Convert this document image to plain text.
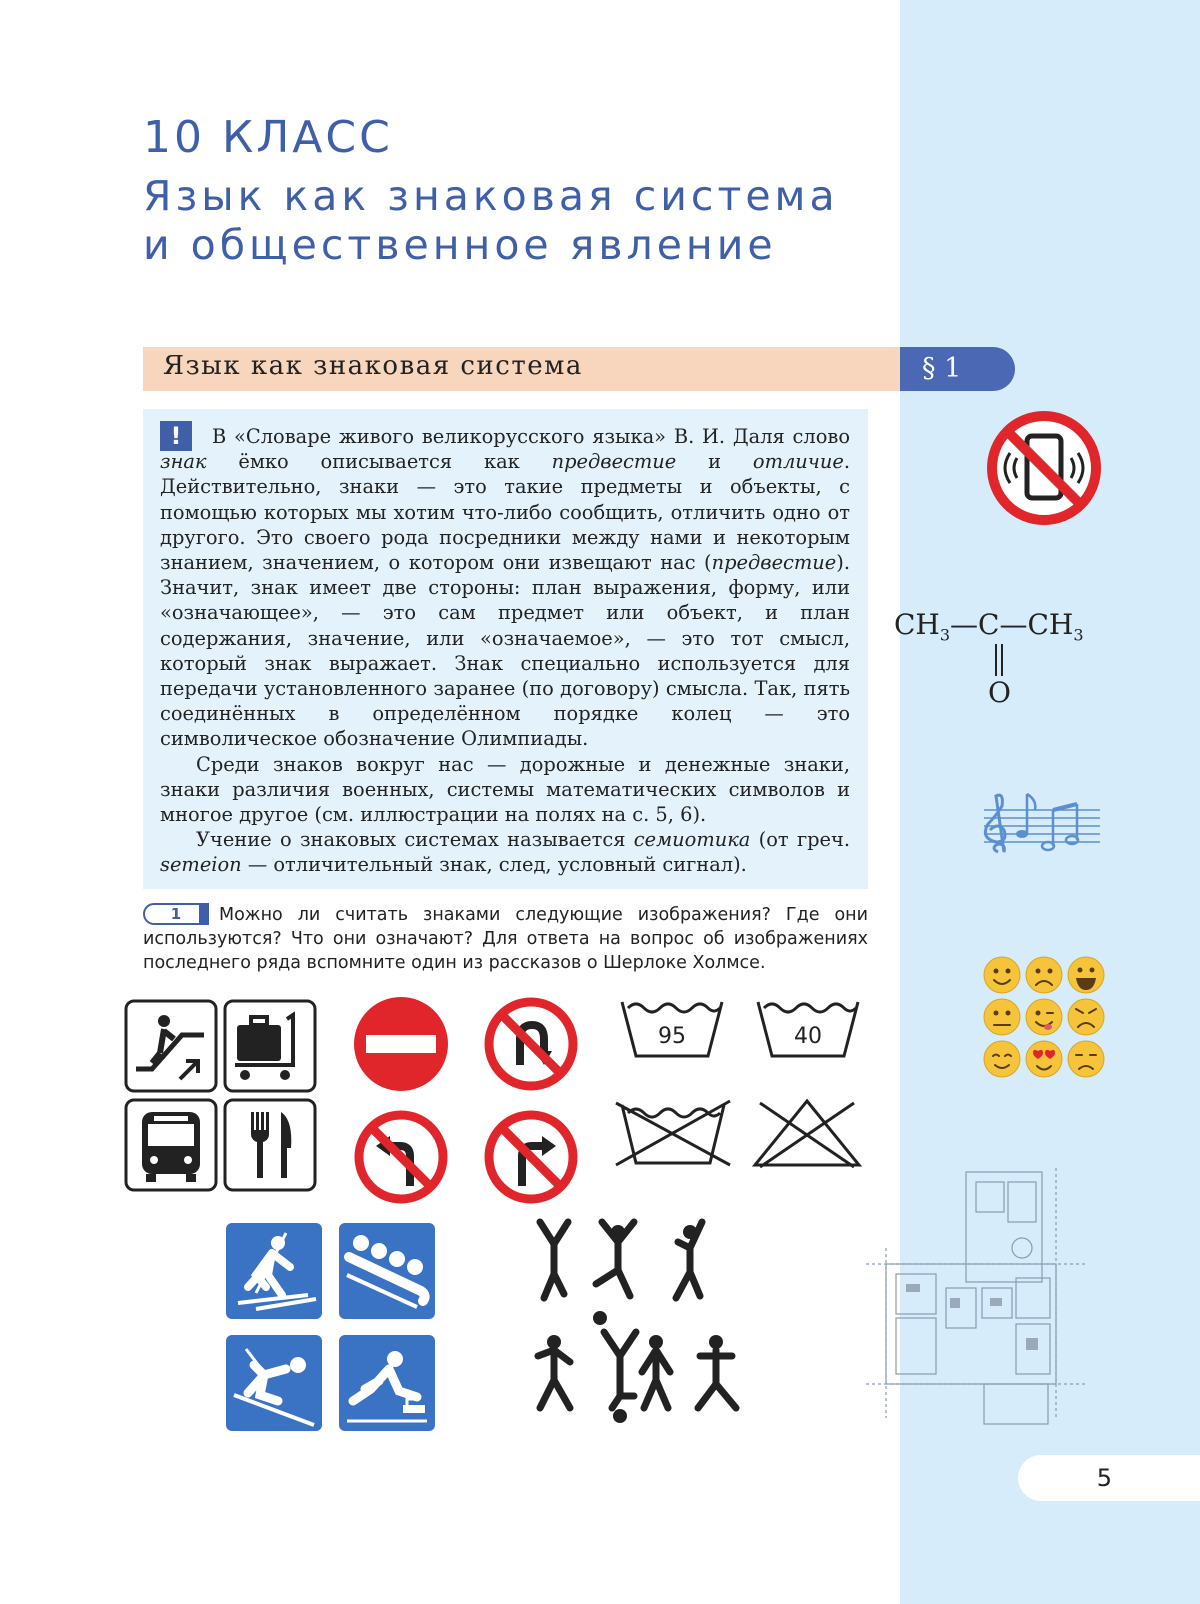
10 КЛАСС
Язык как знаковая система и общественное явление
Язык как знаковая система	§ 1
!	В «Словаре живого великорусского языка» В. И. Даля слово знак ёмко описывается как предвестие и отличие. Действительно, знаки — это такие предметы и объекты, с помощью которых мы хотим что-либо сообщить, отличить одно от другого. Это своего рода посредники между нами и некоторым знанием, значением, о котором они извещают нас (предвестие). Значит, знак имеет две стороны: план выражения, форму, или «означающее», — это сам предмет или объект, и план содержания, значение, или «означаемое», — это тот смысл, который знак выражает. Знак специально используется для передачи установленного заранее (по договору) смысла. Так, пять соединённых в определённом порядке колец — это символическое обозначение Олимпиады.

Среди знаков вокруг нас — дорожные и денежные знаки, знаки различия военных, системы математических символов и многое другое (см. иллюстрации на полях на с. 5, 6).

Учение о знаковых системах называется семиотика (от греч. semeion — отличительный знак, след, условный сигнал).

1	Можно ли считать знаками следующие изображения? Где они используются? Что они означают? Для ответа на вопрос об изображениях последнего ряда вспомните один из рассказов о Шерлоке Холмсе.

$CH_3—C—CH_3$
O
95	40
5
